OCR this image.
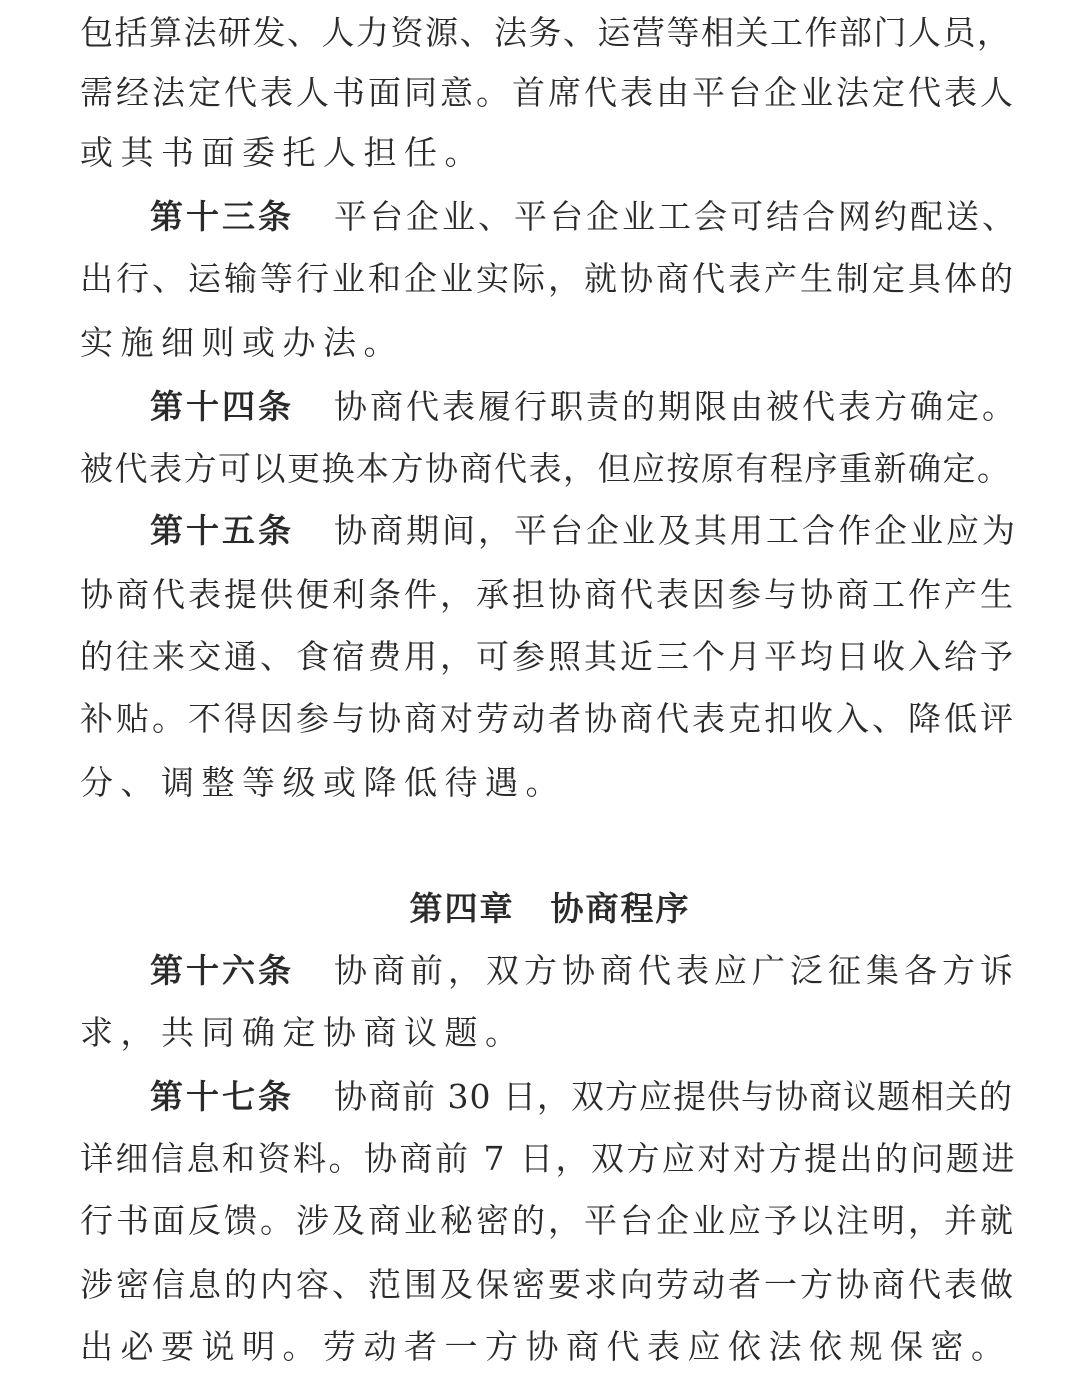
包括算法研发、人力资源、法务、运营等相关工作部门人员，
需经法定代表人书面同意。首席代表由平台企业法定代表人
或其书面委托人担任。
第十三条 平台企业、平台企业工会可结合网约配送、
出行、运输等行业和企业实际，就协商代表产生制定具体的
实施细则或办法。
第十四条 协商代表履行职责的期限由被代表方确定。
被代表方可以更换本方协商代表，但应按原有程序重新确定。
第十五条 协商期间，平台企业及其用工合作企业应为
协商代表提供便利条件，承担协商代表因参与协商工作产生
的往来交通、食宿费用，可参照其近三个月平均日收入给予
补贴。不得因参与协商对劳动者协商代表克扣收入、降低评
分、调整等级或降低待遇。
第四章 协商程序
第十六条 协商前，双方协商代表应广泛征集各方诉
求，共同确定协商议题。
第十七条 协商前 30 日，双方应提供与协商议题相关的
详细信息和资料。协商前 7 日，双方应对对方提出的问题进
行书面反馈。涉及商业秘密的，平台企业应予以注明，并就
涉密信息的内容、范围及保密要求向劳动者一方协商代表做
出必要说明。劳动者一方协商代表应依法依规保密。
